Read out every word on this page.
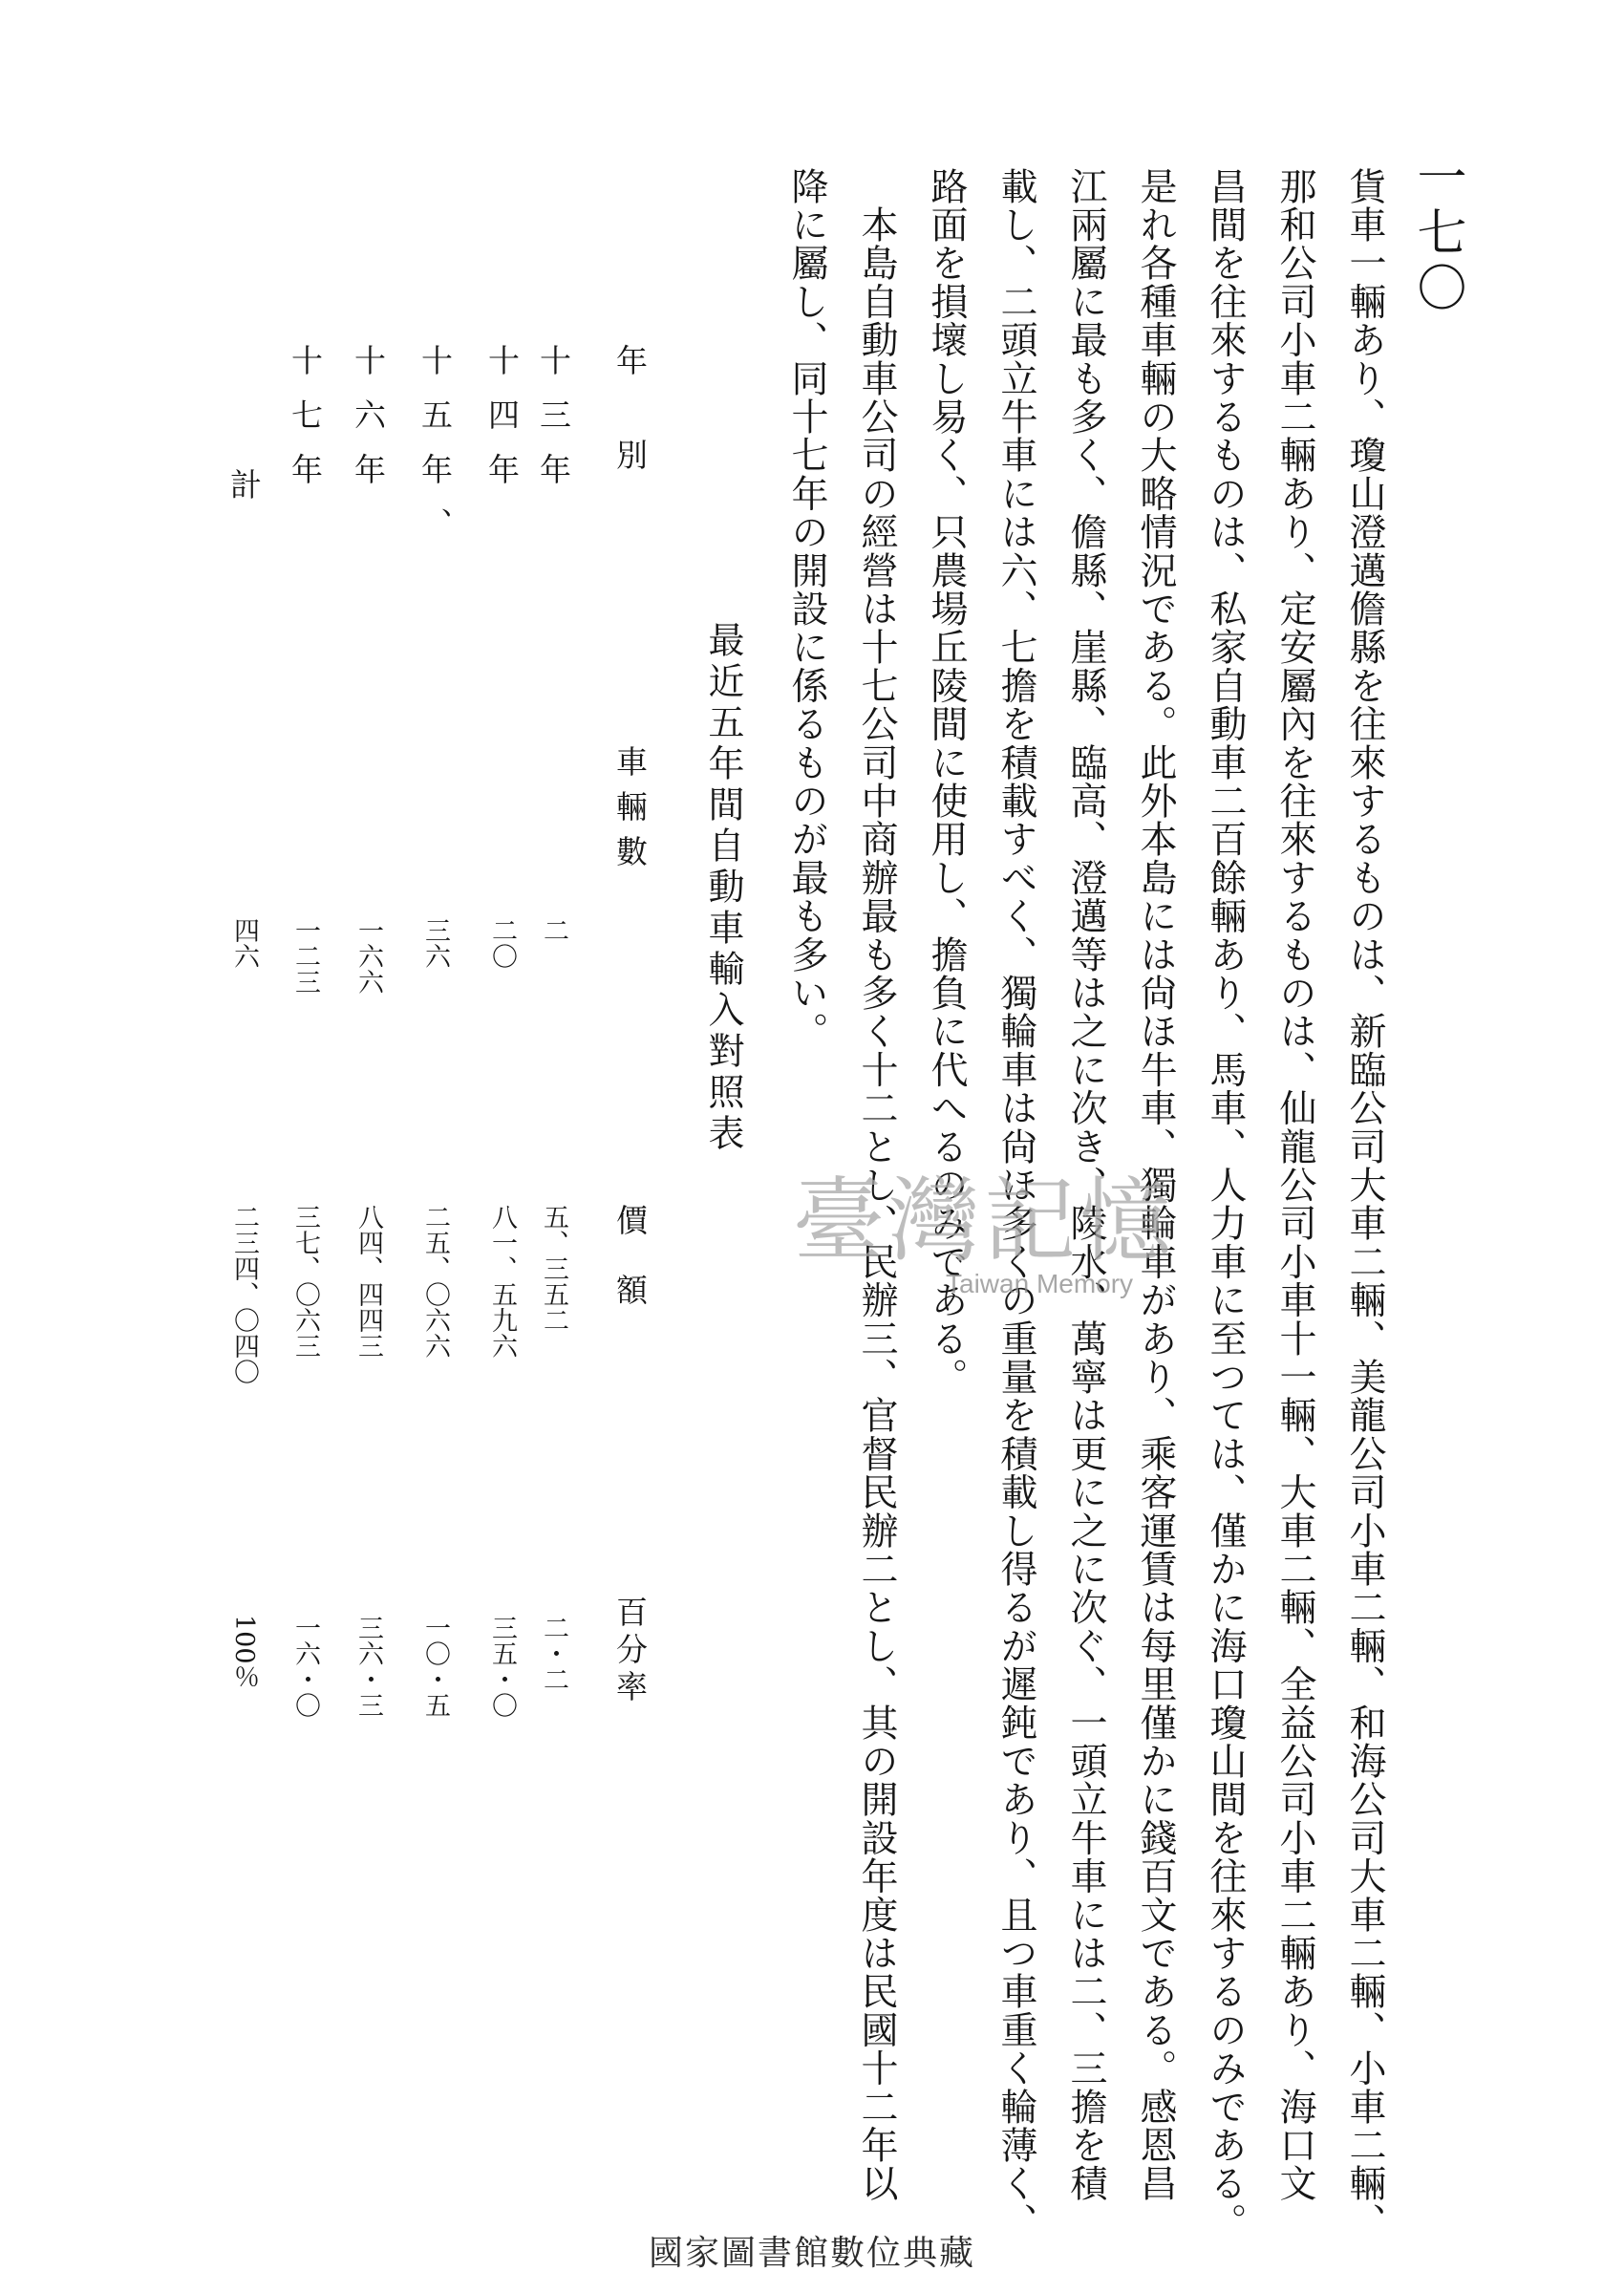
一七〇
貨車一輛あり、瓊山澄邁儋縣を往來するものは、新臨公司大車二輛、美龍公司小車二輛、和海公司大車二輛、小車二輛、
那和公司小車二輛あり、定安屬內を往來するものは、仙龍公司小車十一輛、大車二輛、全益公司小車二輛あり、海口文
昌間を往來するものは、私家自動車二百餘輛あり、馬車、人力車に至つては、僅かに海口瓊山間を往來するのみである。
是れ各種車輛の大略情況である。此外本島には尙ほ牛車、獨輪車があり、乘客運賃は每里僅かに錢百文である。感恩昌
江兩屬に最も多く、儋縣、崖縣、臨高、澄邁等は之に次き、陵水、萬寧は更に之に次ぐ、一頭立牛車には二、三擔を積
載し、二頭立牛車には六、七擔を積載すべく、獨輪車は尙ほ多くの重量を積載し得るが遲鈍であり、且つ車重く輪薄く、
路面を損壞し易く、只農場丘陵間に使用し、擔負に代へるのみである。
　本島自動車公司の經營は十七公司中商辦最も多く十二とし、民辦三、官督民辦二とし、其の開設年度は民國十二年以
降に屬し、同十七年の開設に係るものが最も多い。
最近五年間自動車輸入對照表
年　　別
車輛數
價額
百分率
十三年
二
五、三五二
二・二
十四年
二〇
八一、五九六
三五・〇
十五年、
三六
二五、〇六六
一〇・五
十六年
一六六
八四、四四三
三六・三
十七年
一二三
三七、〇六三
一六・〇
計
四六
二三四、〇四〇
100％
臺灣記憶
Taiwan Memory
國家圖書館數位典藏
